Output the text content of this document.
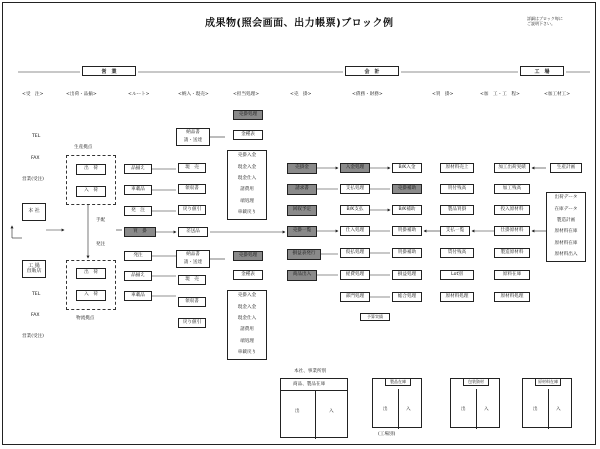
成果物(照会画面、出力帳票)ブロック例	詳細はブロック毎に
ご説明下さい。
営　業	会　計	工　場
<受　注>	<出荷・品揃>	<ルート>	<納入・現売>	<担当処理>	<売　掛>	<債務・財務>	<買　掛>	<加　工・工　程>	<加工材工>
TEL
FAX
営業(受注)
本 社
工 場
直販店
TEL
FAX
営業(受注)
生産拠点
出　荷
入　荷
手配
発注
出　荷
入　荷
物流拠点
品揃え
車載品
発　注
買　掛
発注
品揃え
車載品
納品書
請・送達
現　売
領収書
戻り値引
差送品
納品書
請・送達
現　売
領収書
戻り値引
売掛処理
金種表
売掛入金
現金入金
現金仕入
諸費用
端処理
車載戻り
売掛処理
金種表
売掛入金
現金入金
現金仕入
諸費用
端処理
車載戻り
売掛金
請求書
回収予定
売掛一覧
損益表発行
商品出入
予算実績
入金処理
支払処理
B/K支払
仕入処理
仮払処理
経費処理
部門処理
B/K入金
売掛補助
B/K補助
買掛補助
買掛補助
損益処理
総合処理
原材料売上
買付残高
製品買掛
支払一覧
賃付残高
Lot別
原材料処理
加工出荷実績
加工残高
投入原材料
仕掛原材料
製造原材料
原料在庫
原材料処理
生産計画
出荷データ
在庫データ
製造計画
原材料在庫
原材料在庫
原材料出入
本社、事業所別
商品、製品在庫
出	入
製品在庫
出	入
(工場別)
包装資材
出	入
原材料在庫
出	入
